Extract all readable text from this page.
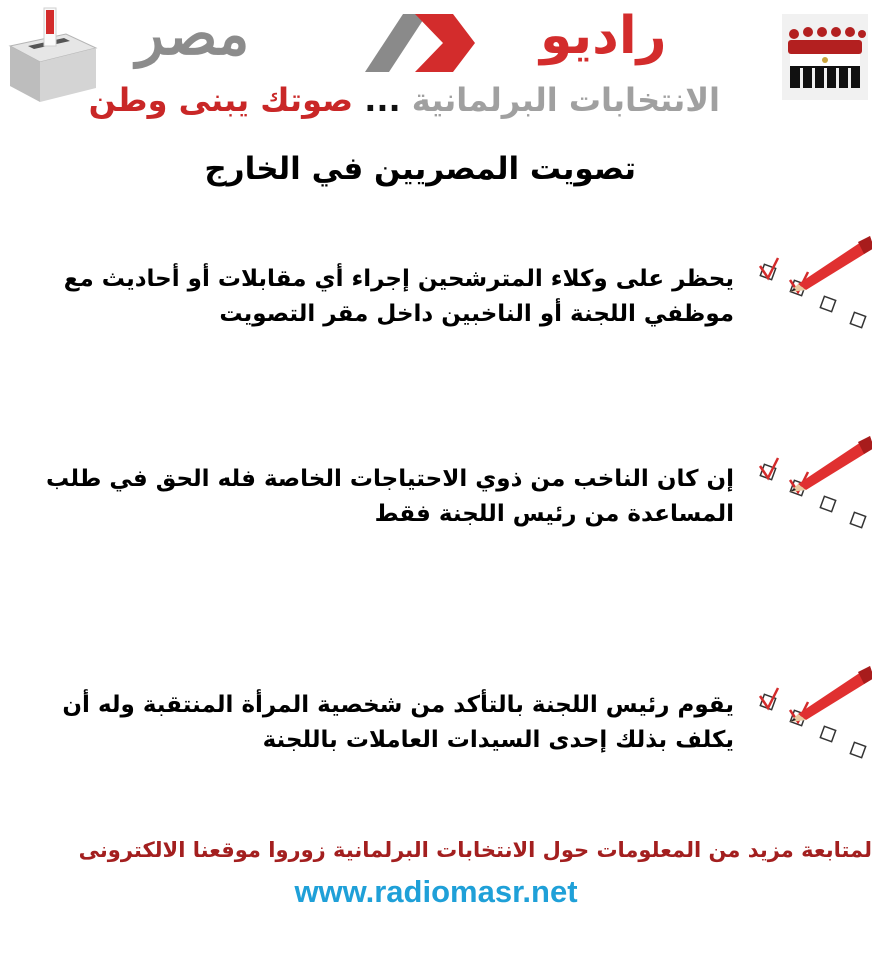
مصر	راديو
الانتخابات البرلمانية ... صوتك يبنى وطن
تصويت المصريين في الخارج
يحظر على وكلاء المترشحين إجراء أي مقابلات أو أحاديث مع موظفي اللجنة أو الناخبين داخل مقر التصويت
إن كان الناخب من ذوي الاحتياجات الخاصة فله الحق في طلب المساعدة من رئيس اللجنة فقط
يقوم رئيس اللجنة بالتأكد من شخصية المرأة المنتقبة وله أن يكلف بذلك إحدى السيدات العاملات باللجنة
لمتابعة مزيد من المعلومات حول الانتخابات البرلمانية زوروا موقعنا الالكترونى
www.radiomasr.net
